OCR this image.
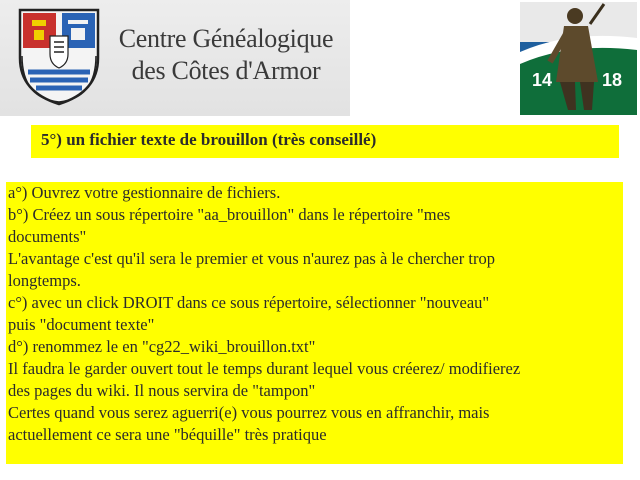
Centre Généalogique
des Côtes d'Armor	14	18
5°) un fichier texte de brouillon (très conseillé)
a°) Ouvrez votre gestionnaire de fichiers.
b°) Créez un sous répertoire "aa_brouillon" dans le répertoire "mes
documents"
L'avantage c'est qu'il sera le premier et vous n'aurez pas à le chercher trop
longtemps.
c°) avec un click DROIT dans ce sous répertoire, sélectionner "nouveau"
puis "document texte"
d°) renommez le en "cg22_wiki_brouillon.txt"
Il faudra le garder ouvert tout le temps durant lequel vous créerez/ modifierez
des pages du wiki. Il nous servira de "tampon"
Certes quand vous serez aguerri(e) vous pourrez vous en affranchir, mais
actuellement ce sera une "béquille" très pratique
